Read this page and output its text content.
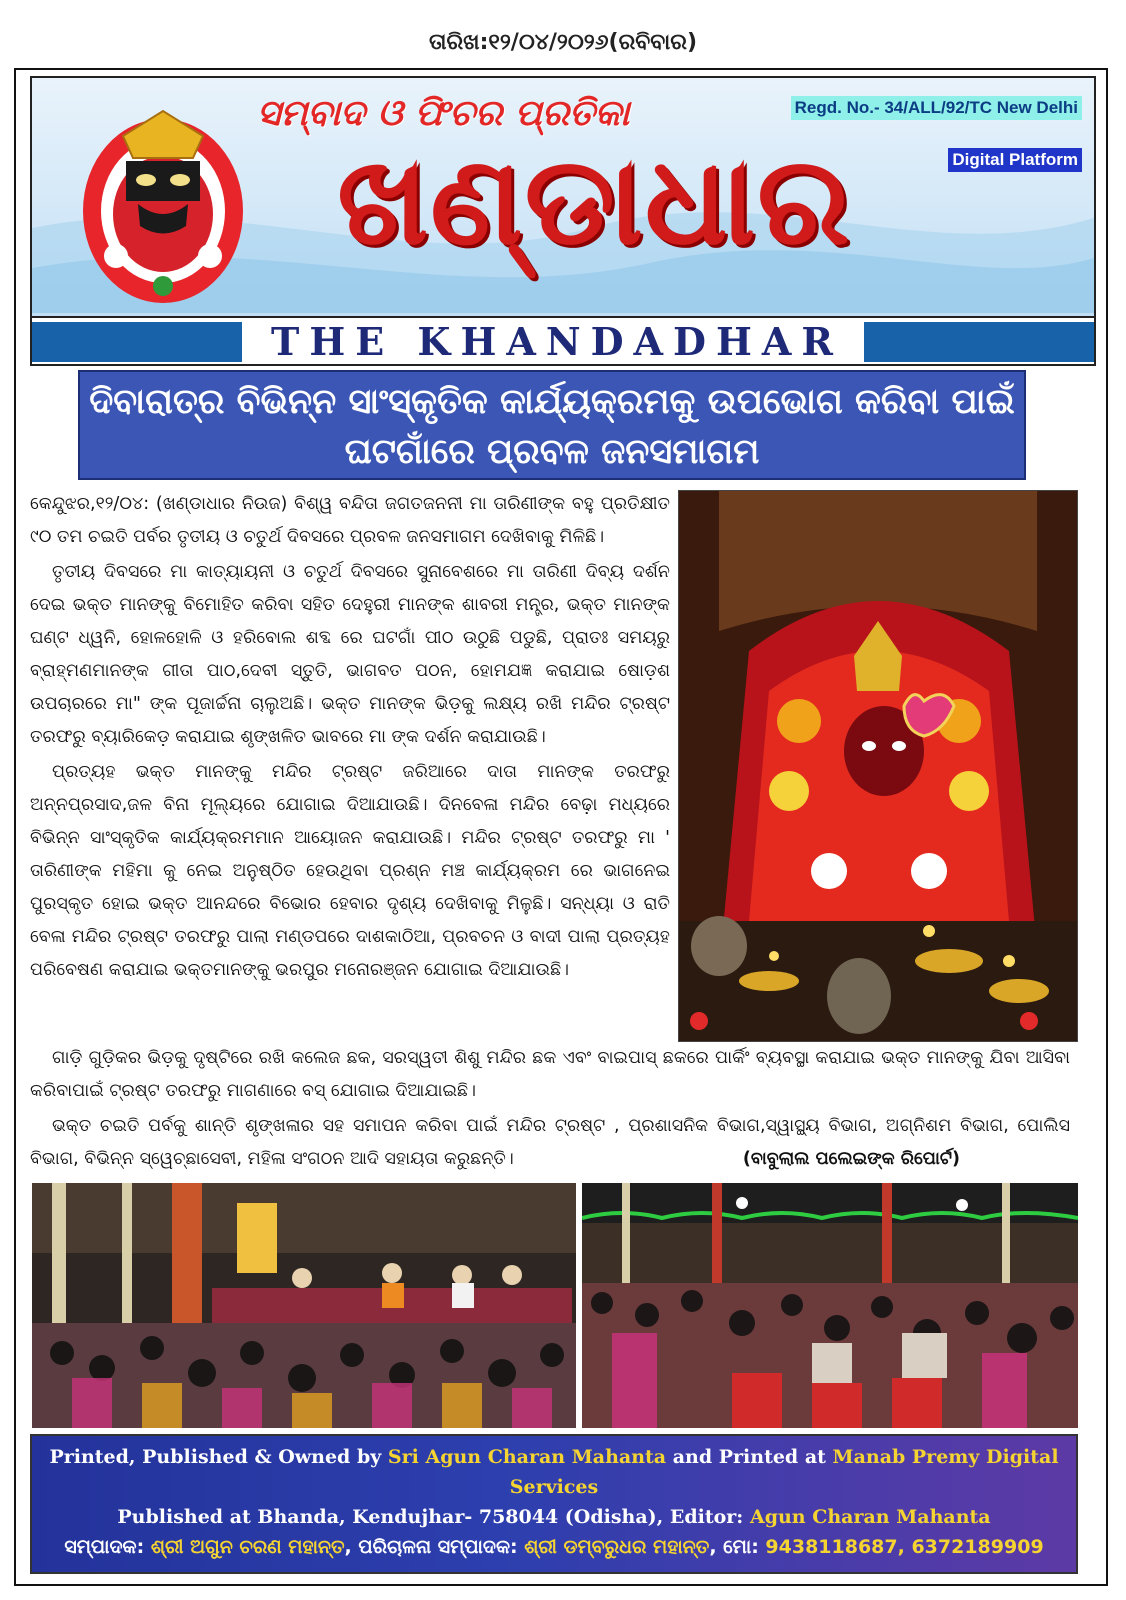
ତାରିଖ:୧୨/୦୪/୨୦୨୬(ରବିବାର)
ସମ୍ବାଦ ଓ ଫିଚର ପ୍ରତିକା
ଖଣ୍ଡାଧାର
Regd. No.- 34/ALL/92/TC New Delhi
Digital Platform
THE KHANDADHAR
ଦିବାରାତ୍ର ବିଭିନ୍ନ ସାଂସ୍କୃତିକ କାର୍ଯ୍ୟକ୍ରମକୁ ଉପଭୋଗ କରିବା ପାଇଁ
ଘଟଗାଁରେ ପ୍ରବଳ ଜନସମାଗମ

କେନ୍ଦୁଝର,୧୨/୦୪: (ଖଣ୍ଡାଧାର ନିଉଜ) ବିଶ୍ୱ ବନ୍ଦିତା ଜଗତଜନନୀ ମା ତାରିଣୀଙ୍କ ବହୁ ପ୍ରତିକ୍ଷୀତ ୯୦ ତମ ଚଇତି ପର୍ବର ତୃତୀୟ ଓ ଚତୁର୍ଥ ଦିବସରେ ପ୍ରବଳ ଜନସମାଗମ ଦେଖିବାକୁ ମିଳିଛି।

ତୃତୀୟ ଦିବସରେ ମା କାତ୍ୟାୟନୀ ଓ ଚତୁର୍ଥ ଦିବସରେ ସୁନାବେଶରେ ମା ତାରିଣୀ ଦିବ୍ୟ ଦର୍ଶନ ଦେଇ ଭକ୍ତ ମାନଙ୍କୁ ବିମୋହିତ କରିବା ସହିତ ଦେହୁରୀ ମାନଙ୍କ ଶାବରୀ ମନ୍ତ୍ର, ଭକ୍ତ ମାନଙ୍କ ଘଣ୍ଟ ଧ୍ୱନି, ହୋଳହୋଳି ଓ ହରିବୋଲ ଶବ୍ଦ ରେ ଘଟଗାଁ ପୀଠ ଉଠୁଛି ପଡୁଛି, ପ୍ରାତଃ ସମୟରୁ ବ୍ରାହ୍ମଣମାନଙ୍କ ଗୀତା ପାଠ,ଦେବୀ ସ୍ତୁତି, ଭାଗବତ ପଠନ, ହୋମଯଜ୍ଞ କରାଯାଇ ଷୋଡ଼ଶ ଉପଚାରରେ ମା" ଙ୍କ ପୂଜାର୍ଚ୍ଚନା ଚାଲୁଅଛି। ଭକ୍ତ ମାନଙ୍କ ଭିଡ଼କୁ ଲକ୍ଷ୍ୟ ରଖି ମନ୍ଦିର ଟ୍ରଷ୍ଟ ତରଫରୁ ବ୍ୟାରିକେଡ଼ କରାଯାଇ ଶୃଙ୍ଖଳିତ ଭାବରେ ମା ଙ୍କ ଦର୍ଶନ କରାଯାଉଛି।

ପ୍ରତ୍ୟହ ଭକ୍ତ ମାନଙ୍କୁ ମନ୍ଦିର ଟ୍ରଷ୍ଟ ଜରିଆରେ ଦାତା ମାନଙ୍କ ତରଫରୁ ଅନ୍ନପ୍ରସାଦ,ଜଳ ବିନା ମୂଲ୍ୟରେ ଯୋଗାଇ ଦିଆଯାଉଛି। ଦିନବେଳା ମନ୍ଦିର ବେଢ଼ା ମଧ୍ୟରେ ବିଭିନ୍ନ ସାଂସ୍କୃତିକ କାର୍ଯ୍ୟକ୍ରମମାନ ଆୟୋଜନ କରାଯାଉଛି। ମନ୍ଦିର ଟ୍ରଷ୍ଟ ତରଫରୁ ମା ' ତାରିଣୀଙ୍କ ମହିମା କୁ ନେଇ ଅନୁଷ୍ଠିତ ହେଉଥିବା ପ୍ରଶ୍ନ ମଞ୍ଚ କାର୍ଯ୍ୟକ୍ରମ ରେ ଭାଗନେଇ ପୁରସ୍କୃତ ହୋଇ ଭକ୍ତ ଆନନ୍ଦରେ ବିଭୋର ହେବାର ଦୃଶ୍ୟ ଦେଖିବାକୁ ମିଳୁଛି। ସନ୍ଧ୍ୟା ଓ ରାତି ବେଳା ମନ୍ଦିର ଟ୍ରଷ୍ଟ ତରଫରୁ ପାଲା ମଣ୍ଡପରେ ଦାଶକାଠିଆ, ପ୍ରବଚନ ଓ ବାଦୀ ପାଲା ପ୍ରତ୍ୟହ ପରିବେଷଣ କରାଯାଇ ଭକ୍ତମାନଙ୍କୁ ଭରପୁର ମନୋରଞ୍ଜନ ଯୋଗାଇ ଦିଆଯାଉଛି।

ଗାଡ଼ି ଗୁଡ଼ିକର ଭିଡ଼କୁ ଦୃଷ୍ଟିରେ ରଖି କଲେଜ ଛକ, ସରସ୍ୱତୀ ଶିଶୁ ମନ୍ଦିର ଛକ ଏବଂ ବାଇପାସ୍ ଛକରେ ପାର୍କିଂ ବ୍ୟବସ୍ଥା କରାଯାଇ ଭକ୍ତ ମାନଙ୍କୁ ଯିବା ଆସିବା କରିବାପାଇଁ ଟ୍ରଷ୍ଟ ତରଫରୁ ମାଗଣାରେ ବସ୍ ଯୋଗାଇ ଦିଆଯାଇଛି।

ଭକ୍ତ ଚଇତି ପର୍ବକୁ ଶାନ୍ତି ଶୃଙ୍ଖଳାର ସହ ସମାପନ କରିବା ପାଇଁ ମନ୍ଦିର ଟ୍ରଷ୍ଟ , ପ୍ରଶାସନିକ ବିଭାଗ,ସ୍ୱାସ୍ଥ୍ୟ ବିଭାଗ, ଅଗ୍ନିଶମ ବିଭାଗ, ପୋଲିସ ବିଭାଗ, ବିଭିନ୍ନ ସ୍ୱେଚ୍ଛାସେବୀ, ମହିଳା ସଂଗଠନ ଆଦି ସହାୟତା କରୁଛନ୍ତି।	(ବାବୁଲାଲ ପଲେଇଙ୍କ ରିପୋର୍ଟ)

Printed, Published & Owned by Sri Agun Charan Mahanta and Printed at Manab Premy Digital Services
Published at Bhanda, Kendujhar- 758044 (Odisha), Editor: Agun Charan Mahanta
ସମ୍ପାଦକ: ଶ୍ରୀ ଅଗୁନ ଚରଣ ମହାନ୍ତ, ପରିଚାଳନା ସମ୍ପାଦକ: ଶ୍ରୀ ଡମ୍ବରୁଧର ମହାନ୍ତ, ମୋ: 9438118687, 6372189909
